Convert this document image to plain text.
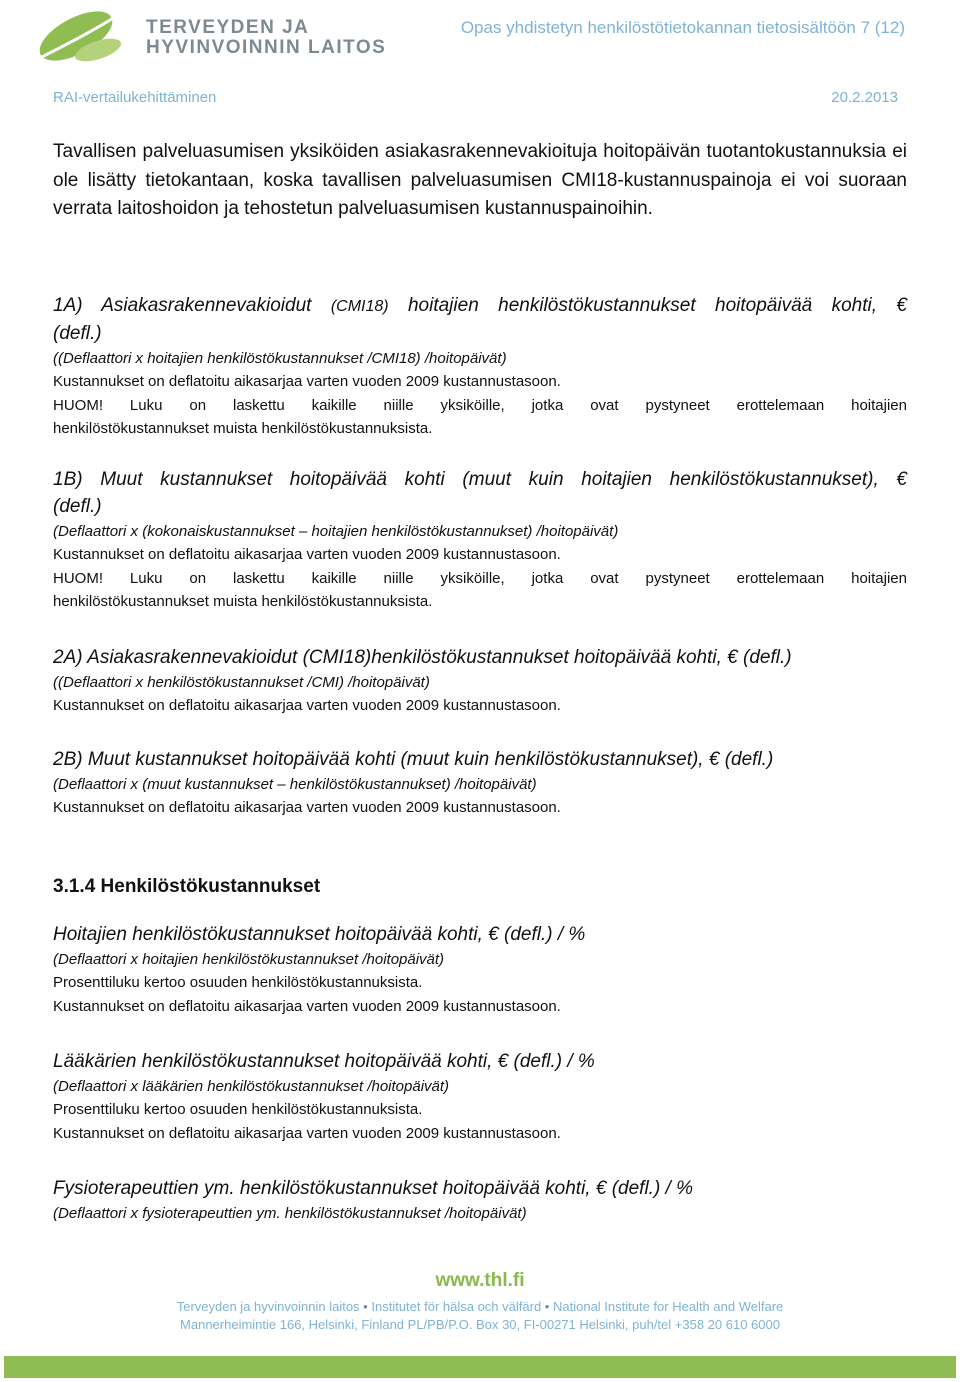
TERVEYDEN JA
HYVINVOINNIN LAITOS
Opas yhdistetyn henkilöstötietokannan tietosisältöön 7 (12)
RAI-vertailukehittäminen	20.2.2013

Tavallisen palveluasumisen yksiköiden asiakasrakennevakioituja hoitopäivän tuotantokustannuksia ei ole lisätty tietokantaan, koska tavallisen palveluasumisen CMI18-kustannuspainoja ei voi suoraan verrata laitoshoidon ja tehostetun palveluasumisen kustannuspainoihin.

1A) Asiakasrakennevakioidut (CMI18) hoitajien henkilöstökustannukset hoitopäivää kohti, €
(defl.)
((Deflaattori x hoitajien henkilöstökustannukset /CMI18) /hoitopäivät)
Kustannukset on deflatoitu aikasarjaa varten vuoden 2009 kustannustasoon.
HUOM! Luku on laskettu kaikille niille yksiköille, jotka ovat pystyneet erottelemaan hoitajien
henkilöstökustannukset muista henkilöstökustannuksista.
1B) Muut kustannukset hoitopäivää kohti (muut kuin hoitajien henkilöstökustannukset), €
(defl.)
(Deflaattori x (kokonaiskustannukset – hoitajien henkilöstökustannukset) /hoitopäivät)
Kustannukset on deflatoitu aikasarjaa varten vuoden 2009 kustannustasoon.
HUOM! Luku on laskettu kaikille niille yksiköille, jotka ovat pystyneet erottelemaan hoitajien
henkilöstökustannukset muista henkilöstökustannuksista.
2A) Asiakasrakennevakioidut (CMI18)henkilöstökustannukset hoitopäivää kohti, € (defl.)
((Deflaattori x henkilöstökustannukset /CMI) /hoitopäivät)
Kustannukset on deflatoitu aikasarjaa varten vuoden 2009 kustannustasoon.
2B) Muut kustannukset hoitopäivää kohti (muut kuin henkilöstökustannukset), € (defl.)
(Deflaattori x (muut kustannukset – henkilöstökustannukset) /hoitopäivät)
Kustannukset on deflatoitu aikasarjaa varten vuoden 2009 kustannustasoon.
3.1.4 Henkilöstökustannukset
Hoitajien henkilöstökustannukset hoitopäivää kohti, € (defl.) / %
(Deflaattori x hoitajien henkilöstökustannukset /hoitopäivät)
Prosenttiluku kertoo osuuden henkilöstökustannuksista.
Kustannukset on deflatoitu aikasarjaa varten vuoden 2009 kustannustasoon.
Lääkärien henkilöstökustannukset hoitopäivää kohti, € (defl.) / %
(Deflaattori x lääkärien henkilöstökustannukset /hoitopäivät)
Prosenttiluku kertoo osuuden henkilöstökustannuksista.
Kustannukset on deflatoitu aikasarjaa varten vuoden 2009 kustannustasoon.
Fysioterapeuttien ym. henkilöstökustannukset hoitopäivää kohti, € (defl.) / %
(Deflaattori x fysioterapeuttien ym. henkilöstökustannukset /hoitopäivät)
www.thl.fi
Terveyden ja hyvinvoinnin laitos • Institutet för hälsa och välfärd • National Institute for Health and Welfare
Mannerheimintie 166, Helsinki, Finland PL/PB/P.O. Box 30, FI-00271 Helsinki, puh/tel +358 20 610 6000
